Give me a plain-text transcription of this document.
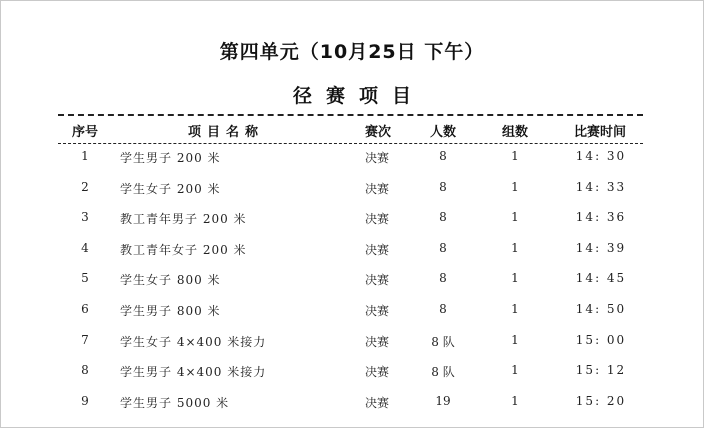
第四单元（10月25日 下午）
径赛项目
序号	项目名称	赛次	人数	组数	比赛时间
1	学生男子 200 米	决赛	8	1	14: 30
2	学生女子 200 米	决赛	8	1	14: 33
3	教工青年男子 200 米	决赛	8	1	14: 36
4	教工青年女子 200 米	决赛	8	1	14: 39
5	学生女子 800 米	决赛	8	1	14: 45
6	学生男子 800 米	决赛	8	1	14: 50
7	学生女子 4×400 米接力	决赛	8 队	1	15: 00
8	学生男子 4×400 米接力	决赛	8 队	1	15: 12
9	学生男子 5000 米	决赛	19	1	15: 20
